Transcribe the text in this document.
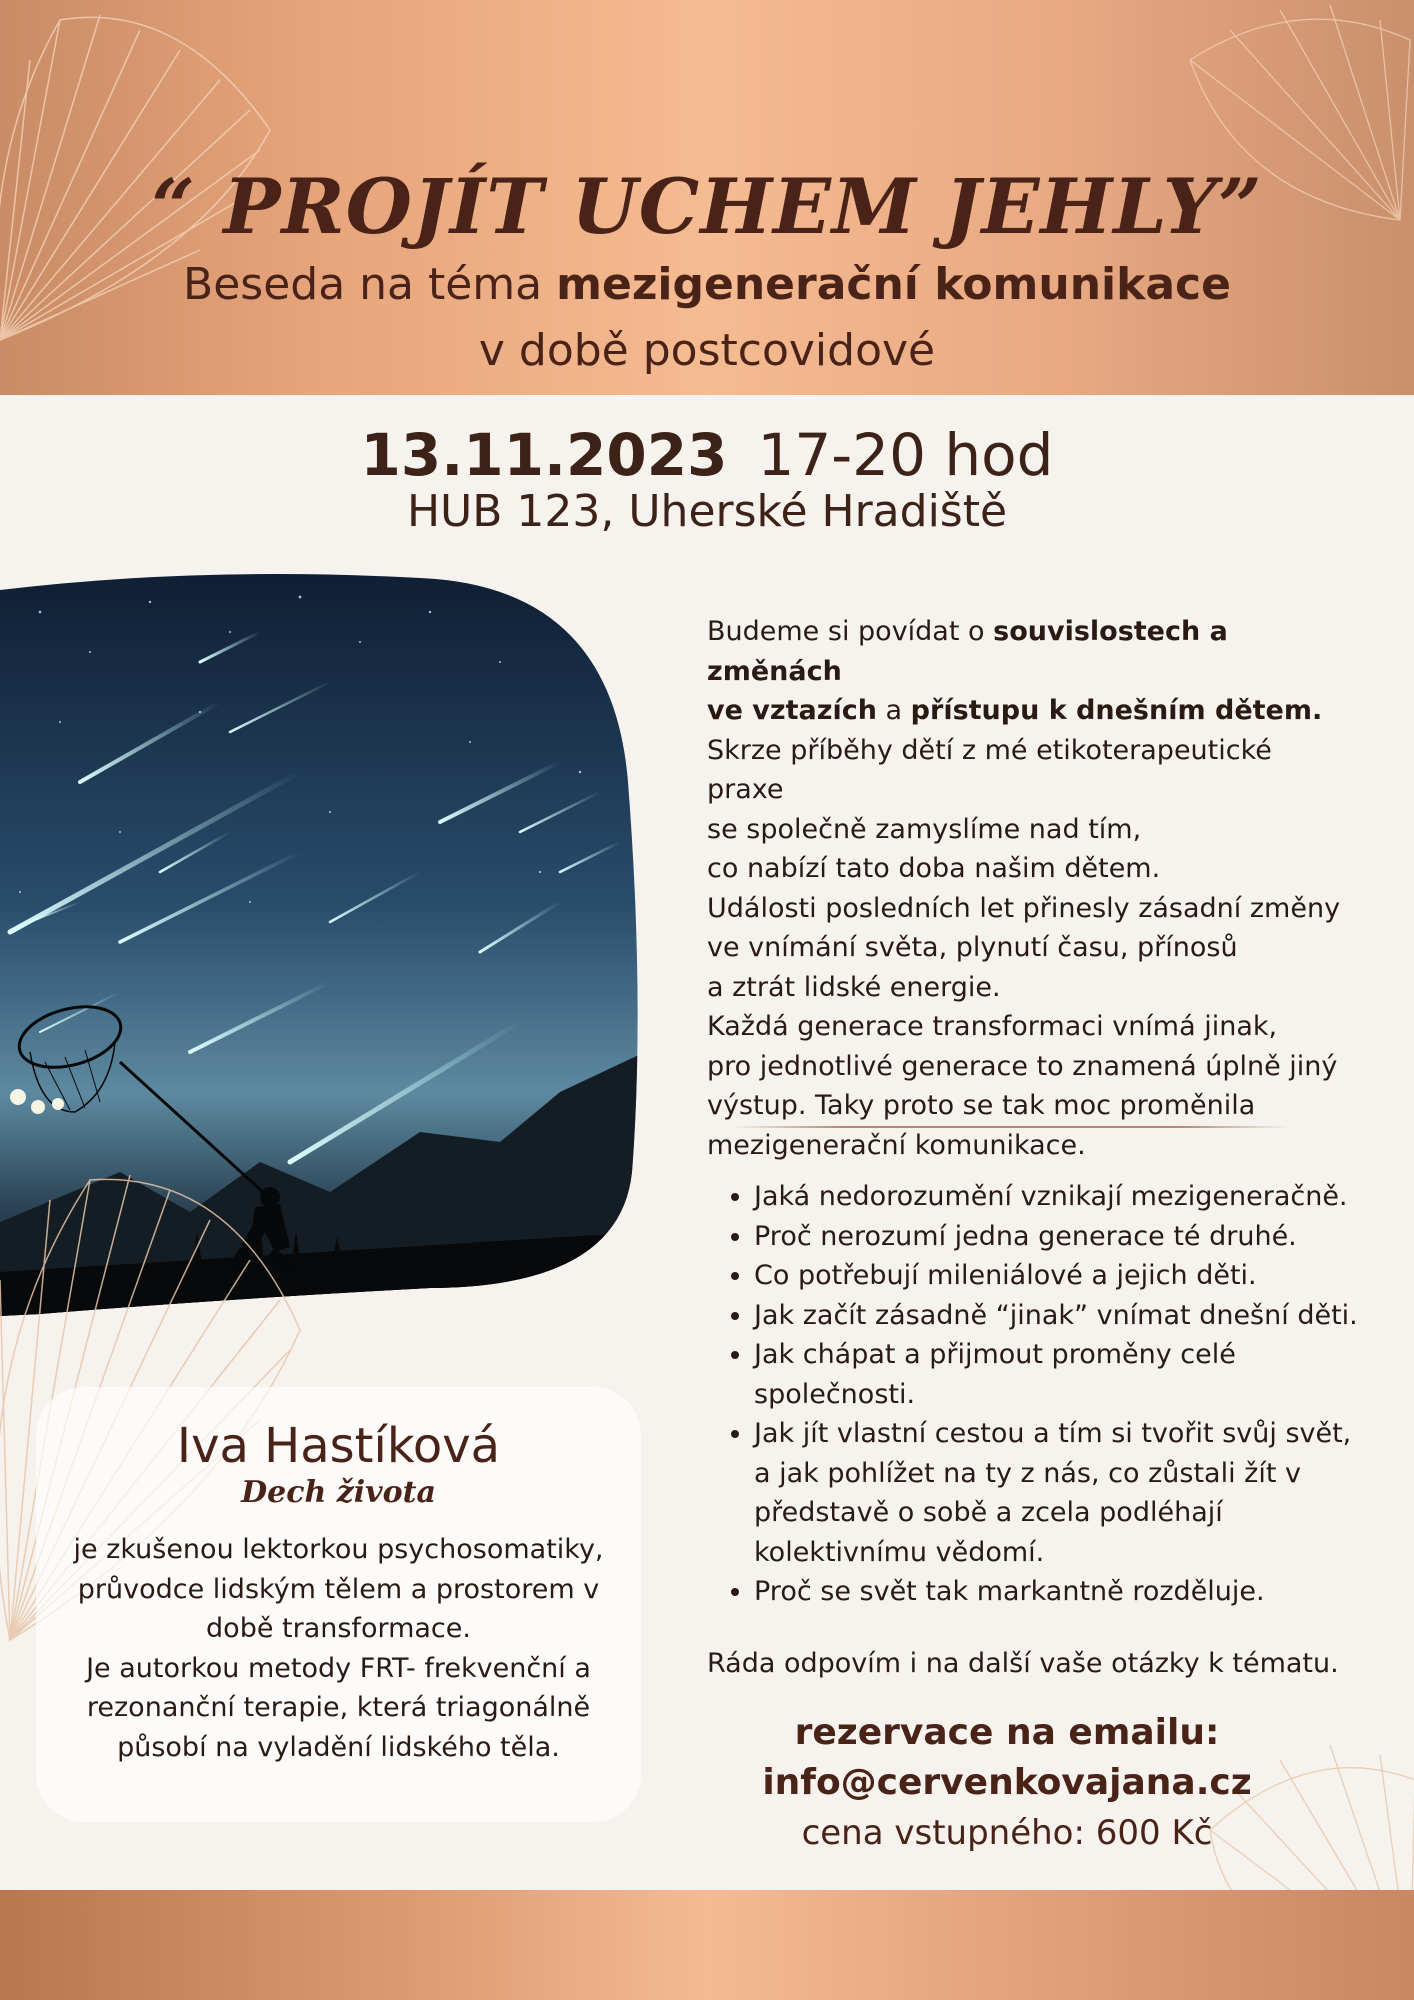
“ PROJÍT UCHEM JEHLY”

Beseda na téma mezigenerační komunikace
v době postcovidové

13.11.2023 17-20 hod
HUB 123, Uherské Hradiště

Budeme si povídat o souvislostech a změnách

ve vztazích a přístupu k dnešním dětem.

Skrze příběhy dětí z mé etikoterapeutické praxe

se společně zamyslíme nad tím,

co nabízí tato doba našim dětem.

Události posledních let přinesly zásadní změny

ve vnímání světa, plynutí času, přínosů

a ztrát lidské energie.

Každá generace transformaci vnímá jinak,

pro jednotlivé generace to znamená úplně jiný

výstup. Taky proto se tak moc proměnila

mezigenerační komunikace.

• Jaká nedorozumění vznikají mezigeneračně.
• Proč nerozumí jedna generace té druhé.
• Co potřebují mileniálové a jejich děti.
• Jak začít zásadně “jinak” vnímat dnešní děti.
• Jak chápat a přijmout proměny celé společnosti.
• Jak jít vlastní cestou a tím si tvořit svůj svět, a jak pohlížet na ty z nás, co zůstali žít v představě o sobě a zcela podléhají kolektivnímu vědomí.
• Proč se svět tak markantně rozděluje.
Ráda odpovím i na další vaše otázky k tématu.
rezervace na emailu:
info@cervenkovajana.cz
cena vstupného: 600 Kč
Iva Hastíková
Dech života

je zkušenou lektorkou psychosomatiky, průvodce lidským tělem a prostorem v době transformace.

Je autorkou metody FRT- frekvenční a rezonanční terapie, která triagonálně působí na vyladění lidského těla.
